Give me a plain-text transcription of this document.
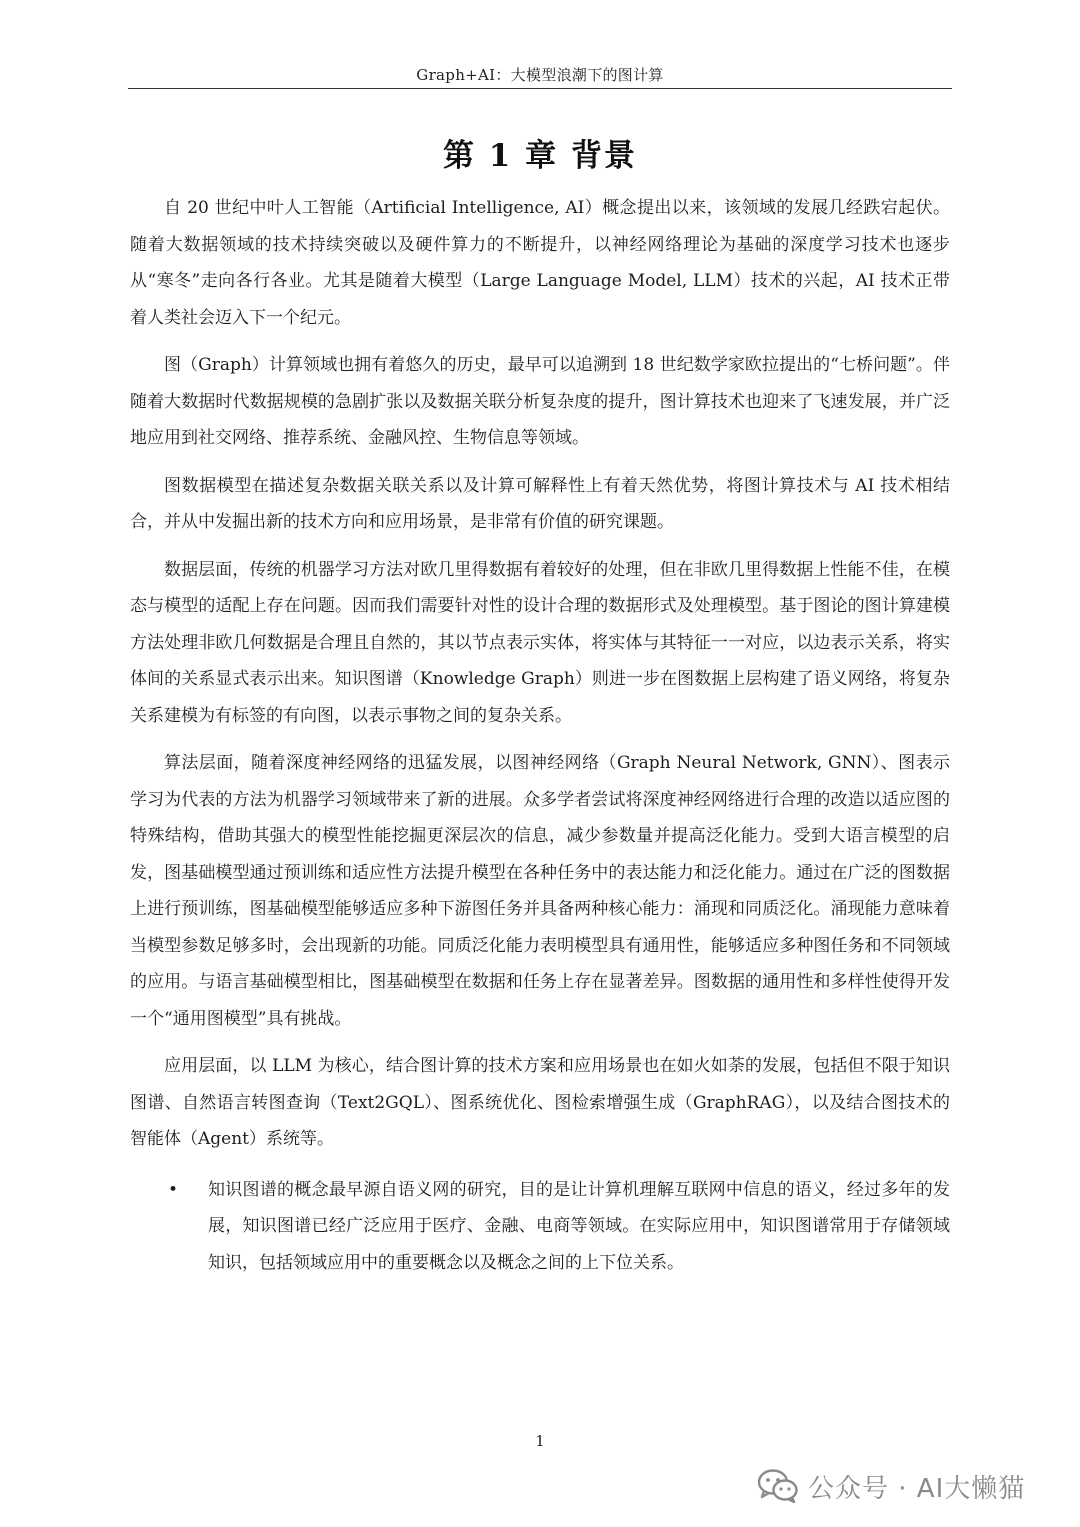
Graph+AI：大模型浪潮下的图计算
第 1 章 背景

自 20 世纪中叶人工智能（Artificial Intelligence, AI）概念提出以来，该领域的发展几经跌宕起伏。随着大数据领域的技术持续突破以及硬件算力的不断提升，以神经网络理论为基础的深度学习技术也逐步从“寒冬”走向各行各业。尤其是随着大模型（Large Language Model, LLM）技术的兴起，AI 技术正带着人类社会迈入下一个纪元。

图（Graph）计算领域也拥有着悠久的历史，最早可以追溯到 18 世纪数学家欧拉提出的“七桥问题”。伴随着大数据时代数据规模的急剧扩张以及数据关联分析复杂度的提升，图计算技术也迎来了飞速发展，并广泛地应用到社交网络、推荐系统、金融风控、生物信息等领域。

图数据模型在描述复杂数据关联关系以及计算可解释性上有着天然优势，将图计算技术与 AI 技术相结合，并从中发掘出新的技术方向和应用场景，是非常有价值的研究课题。

数据层面，传统的机器学习方法对欧几里得数据有着较好的处理，但在非欧几里得数据上性能不佳，在模态与模型的适配上存在问题。因而我们需要针对性的设计合理的数据形式及处理模型。基于图论的图计算建模方法处理非欧几何数据是合理且自然的，其以节点表示实体，将实体与其特征一一对应，以边表示关系，将实体间的关系显式表示出来。知识图谱（Knowledge Graph）则进一步在图数据上层构建了语义网络，将复杂关系建模为有标签的有向图，以表示事物之间的复杂关系。

算法层面，随着深度神经网络的迅猛发展，以图神经网络（Graph Neural Network, GNN）、图表示学习为代表的方法为机器学习领域带来了新的进展。众多学者尝试将深度神经网络进行合理的改造以适应图的特殊结构，借助其强大的模型性能挖掘更深层次的信息，减少参数量并提高泛化能力。受到大语言模型的启发，图基础模型通过预训练和适应性方法提升模型在各种任务中的表达能力和泛化能力。通过在广泛的图数据上进行预训练，图基础模型能够适应多种下游图任务并具备两种核心能力：涌现和同质泛化。涌现能力意味着当模型参数足够多时，会出现新的功能。同质泛化能力表明模型具有通用性，能够适应多种图任务和不同领域的应用。与语言基础模型相比，图基础模型在数据和任务上存在显著差异。图数据的通用性和多样性使得开发一个“通用图模型”具有挑战。

应用层面，以 LLM 为核心，结合图计算的技术方案和应用场景也在如火如荼的发展，包括但不限于知识图谱、自然语言转图查询（Text2GQL）、图系统优化、图检索增强生成（GraphRAG），以及结合图技术的智能体（Agent）系统等。

• 知识图谱的概念最早源自语义网的研究，目的是让计算机理解互联网中信息的语义，经过多年的发展，知识图谱已经广泛应用于医疗、金融、电商等领域。在实际应用中，知识图谱常用于存储领域知识，包括领域应用中的重要概念以及概念之间的上下位关系。
1
公众号 · AI大懒猫
